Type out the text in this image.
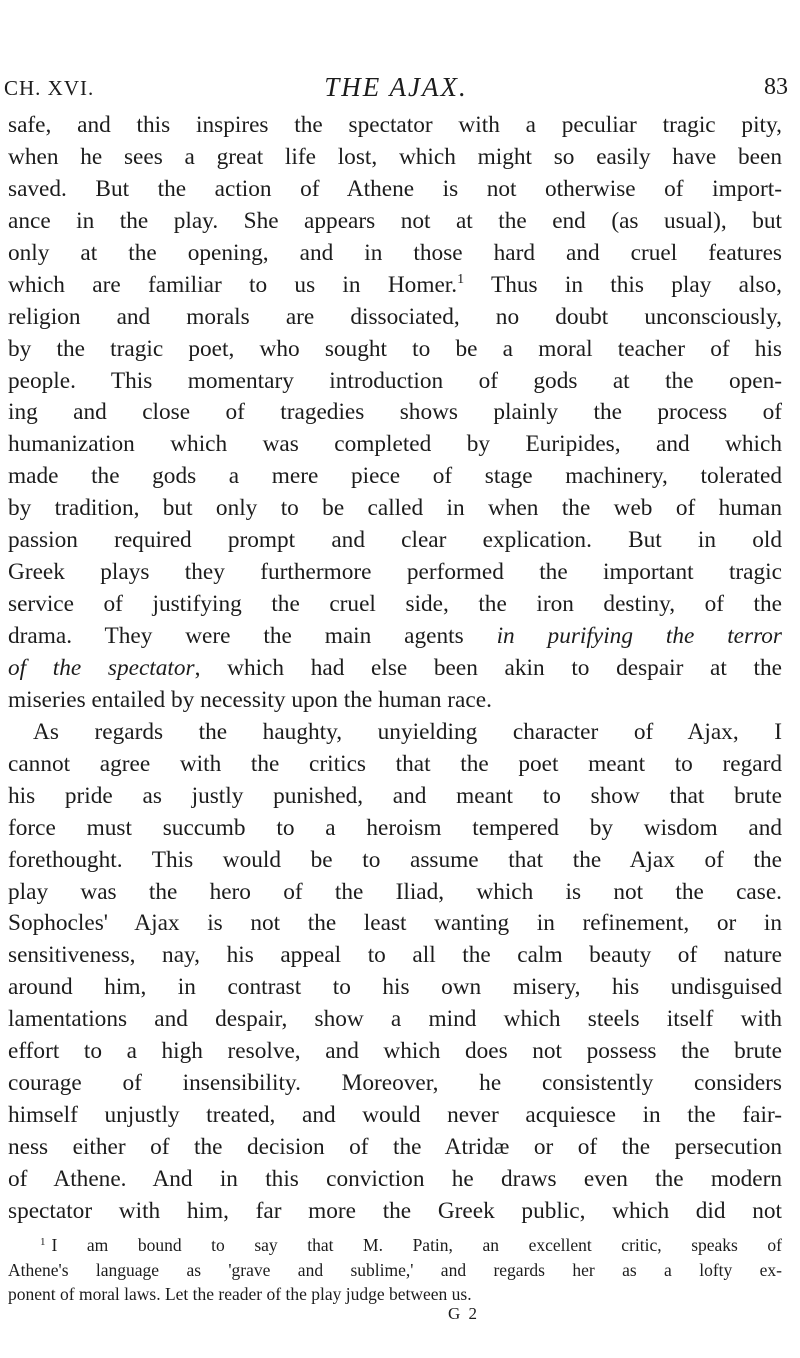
CH. XVI.	THE AJAX.	83
safe, and this inspires the spectator with a peculiar tragic pity,
when he sees a great life lost, which might so easily have been
saved. But the action of Athene is not otherwise of import-
ance in the play. She appears not at the end (as usual), but
only at the opening, and in those hard and cruel features
which are familiar to us in Homer.$^1$ Thus in this play also,
religion and morals are dissociated, no doubt unconsciously,
by the tragic poet, who sought to be a moral teacher of his
people. This momentary introduction of gods at the open-
ing and close of tragedies shows plainly the process of
humanization which was completed by Euripides, and which
made the gods a mere piece of stage machinery, tolerated
by tradition, but only to be called in when the web of human
passion required prompt and clear explication. But in old
Greek plays they furthermore performed the important tragic
service of justifying the cruel side, the iron destiny, of the
drama. They were the main agents in purifying the terror
of the spectator, which had else been akin to despair at the
miseries entailed by necessity upon the human race.
As regards the haughty, unyielding character of Ajax, I
cannot agree with the critics that the poet meant to regard
his pride as justly punished, and meant to show that brute
force must succumb to a heroism tempered by wisdom and
forethought. This would be to assume that the Ajax of the
play was the hero of the Iliad, which is not the case.
Sophocles' Ajax is not the least wanting in refinement, or in
sensitiveness, nay, his appeal to all the calm beauty of nature
around him, in contrast to his own misery, his undisguised
lamentations and despair, show a mind which steels itself with
effort to a high resolve, and which does not possess the brute
courage of insensibility. Moreover, he consistently considers
himself unjustly treated, and would never acquiesce in the fair-
ness either of the decision of the Atridæ or of the persecution
of Athene. And in this conviction he draws even the modern
spectator with him, far more the Greek public, which did not
$^1$ I am bound to say that M. Patin, an excellent critic, speaks of
Athene's language as 'grave and sublime,' and regards her as a lofty ex-
ponent of moral laws. Let the reader of the play judge between us.
G 2
